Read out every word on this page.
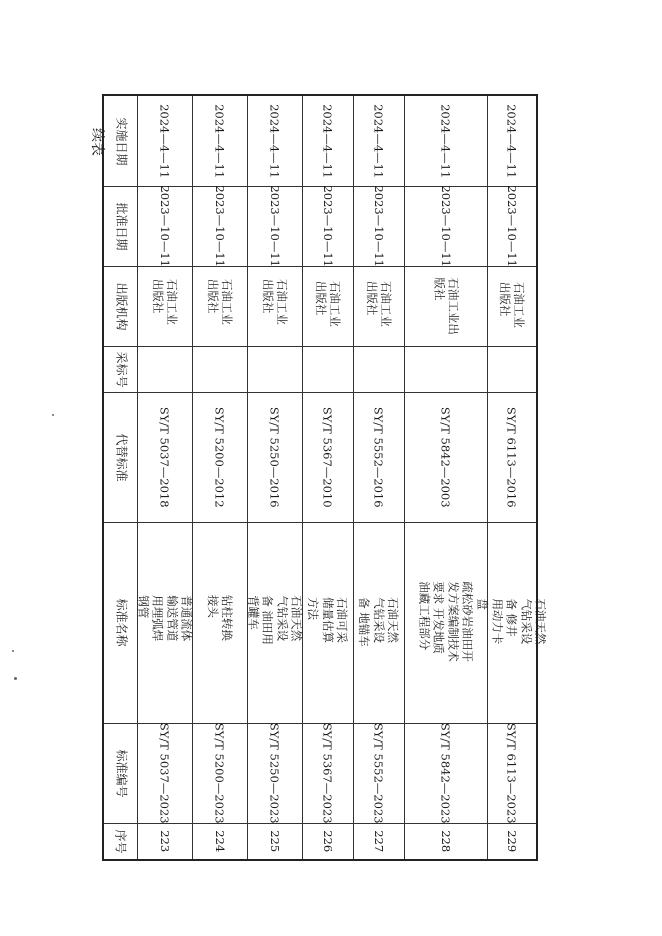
续表 实施日期
批准日期
出版机构
采标号
代替标准
标准名称
标准编号
序号
2024—4—11
2023—10—11
石油工业出版社
SY/T 5037—2018
普通流体输送管道用埋弧焊钢管
SY/T 5037—2023
223
2024—4—11
2023—10—11
石油工业出版社
SY/T 5200—2012
钻柱转换接头
SY/T 5200—2023
224
2024—4—11
2023—10—11
石油工业出版社
SY/T 5250—2016
石油天然气钻采设备 油田用背罐车
SY/T 5250—2023
225
2024—4—11
2023—10—11
石油工业出版社
SY/T 5367—2010
石油可采储量估算方法
SY/T 5367—2023
226
2024—4—11
2023—10—11
石油工业出版社
SY/T 5552—2016
石油天然气钻采设备 地锚车
SY/T 5552—2023
227
2024—4—11
2023—10—11
石油工业出版社
SY/T 5842—2003
疏松砂岩油田开发方案编制技术要求 开发地质油藏工程部分
SY/T 5842—2023
228
2024—4—11
2023—10—11
石油工业出版社
SY/T 6113—2016
石油天然气钻采设备 修井用动力卡盘
SY/T 6113—2023
229
